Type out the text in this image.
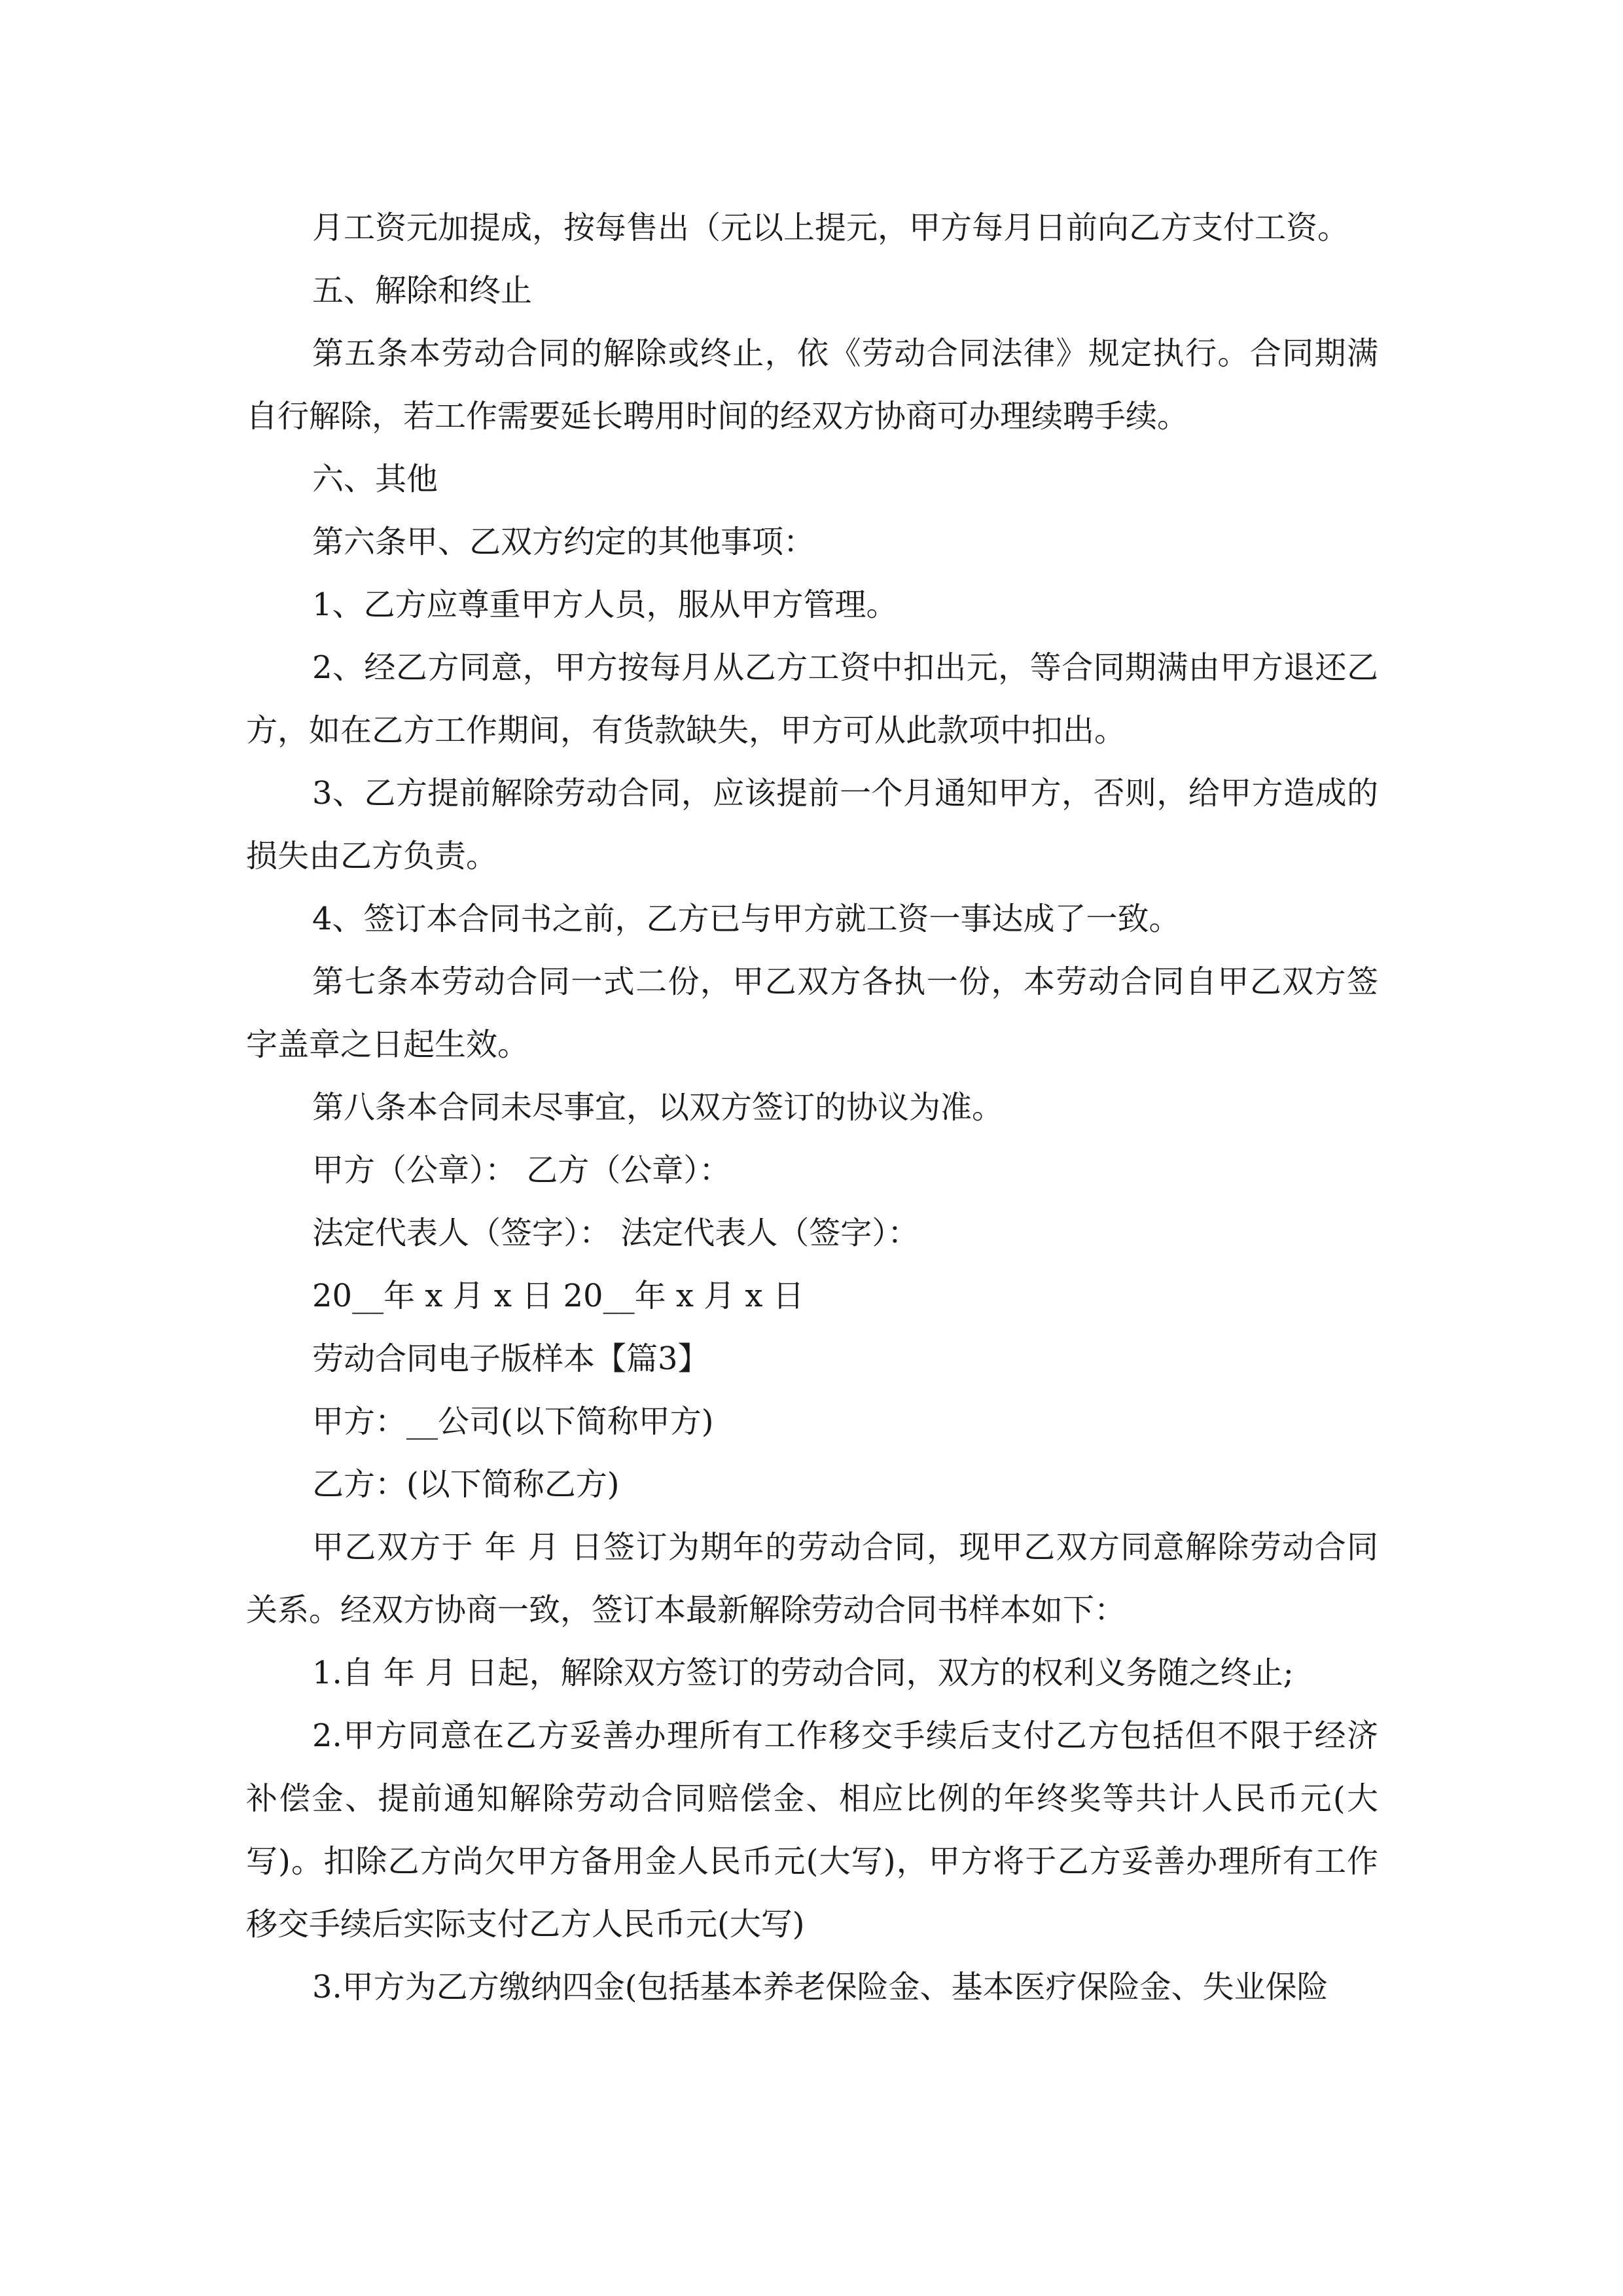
月工资元加提成，按每售出（元以上提元，甲方每月日前向乙方支付工资。

五、解除和终止

第五条本劳动合同的解除或终止，依《劳动合同法律》规定执行。合同期满自行解除，若工作需要延长聘用时间的经双方协商可办理续聘手续。

六、其他

第六条甲、乙双方约定的其他事项：

1、乙方应尊重甲方人员，服从甲方管理。

2、经乙方同意，甲方按每月从乙方工资中扣出元，等合同期满由甲方退还乙方，如在乙方工作期间，有货款缺失，甲方可从此款项中扣出。

3、乙方提前解除劳动合同，应该提前一个月通知甲方，否则，给甲方造成的损失由乙方负责。

4、签订本合同书之前，乙方已与甲方就工资一事达成了一致。

第七条本劳动合同一式二份，甲乙双方各执一份，本劳动合同自甲乙双方签字盖章之日起生效。

第八条本合同未尽事宜，以双方签订的协议为准。

甲方（公章）： 乙方（公章）：

法定代表人（签字）： 法定代表人（签字）：

20__年 x 月 x 日 20__年 x 月 x 日

劳动合同电子版样本【篇3】

甲方：__公司(以下简称甲方)

乙方：(以下简称乙方)

甲乙双方于 年 月 日签订为期年的劳动合同，现甲乙双方同意解除劳动合同关系。经双方协商一致，签订本最新解除劳动合同书样本如下：

1.自 年 月 日起，解除双方签订的劳动合同，双方的权利义务随之终止;

2.甲方同意在乙方妥善办理所有工作移交手续后支付乙方包括但不限于经济补偿金、提前通知解除劳动合同赔偿金、相应比例的年终奖等共计人民币元(大写)。扣除乙方尚欠甲方备用金人民币元(大写)，甲方将于乙方妥善办理所有工作移交手续后实际支付乙方人民币元(大写)

3.甲方为乙方缴纳四金(包括基本养老保险金、基本医疗保险金、失业保险
